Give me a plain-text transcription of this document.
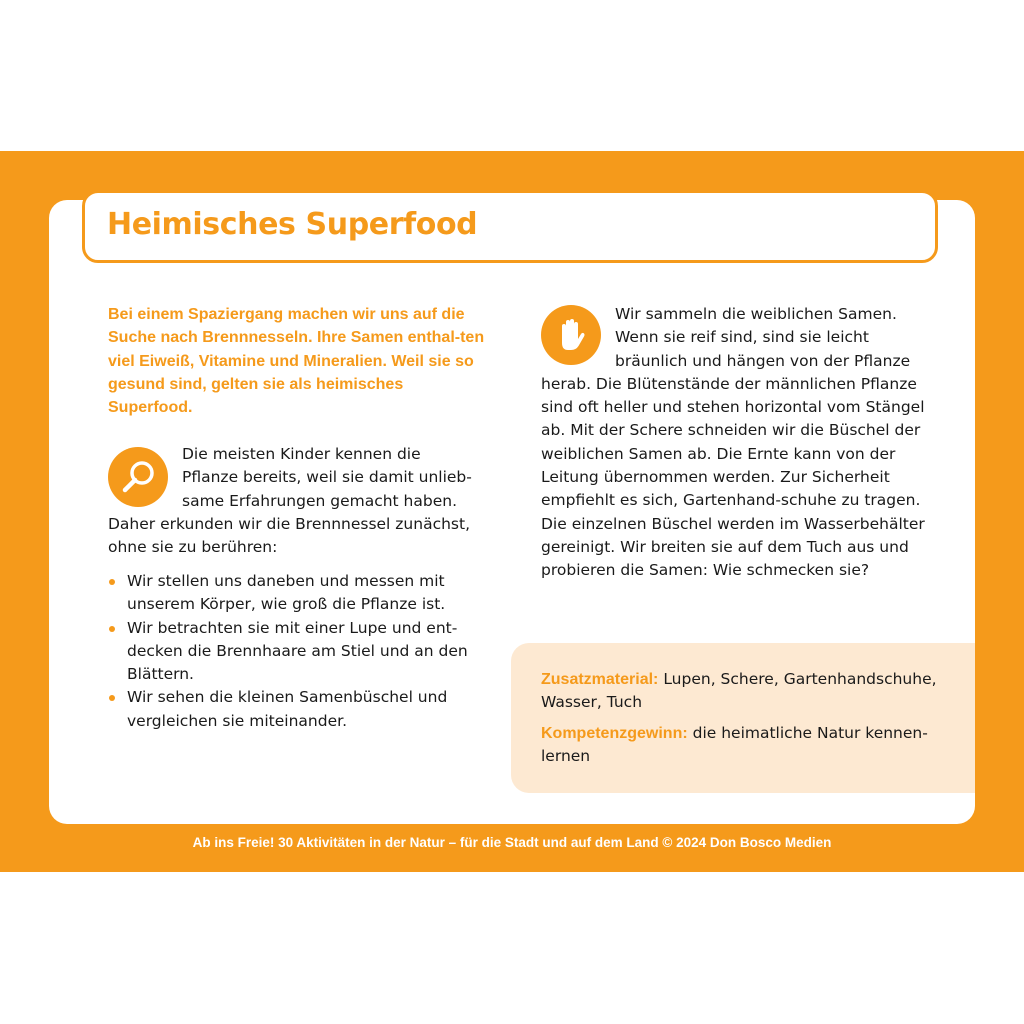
Heimisches Superfood
Bei einem Spaziergang machen wir uns auf die Suche nach Brennnesseln. Ihre Samen enthal-ten viel Eiweiß, Vitamine und Mineralien. Weil sie so gesund sind, gelten sie als heimisches Superfood.
Die meisten Kinder kennen die Pflanze bereits, weil sie damit unlieb-same Erfahrungen gemacht haben. Daher erkunden wir die Brennnessel zunächst, ohne sie zu berühren:
Wir stellen uns daneben und messen mit unserem Körper, wie groß die Pflanze ist.
Wir betrachten sie mit einer Lupe und ent-decken die Brennhaare am Stiel und an den Blättern.
Wir sehen die kleinen Samenbüschel und vergleichen sie miteinander.
Wir sammeln die weiblichen Samen. Wenn sie reif sind, sind sie leicht bräunlich und hängen von der Pflanze herab. Die Blütenstände der männlichen Pflanze sind oft heller und stehen horizontal vom Stängel ab. Mit der Schere schneiden wir die Büschel der weiblichen Samen ab. Die Ernte kann von der Leitung übernommen werden. Zur Sicherheit empfiehlt es sich, Gartenhand-schuhe zu tragen. Die einzelnen Büschel werden im Wasserbehälter gereinigt. Wir breiten sie auf dem Tuch aus und probieren die Samen: Wie schmecken sie?

Zusatzmaterial: Lupen, Schere, Gartenhandschuhe, Wasser, Tuch

Kompetenzgewinn: die heimatliche Natur kennen-lernen

Ab ins Freie! 30 Aktivitäten in der Natur – für die Stadt und auf dem Land © 2024 Don Bosco Medien
